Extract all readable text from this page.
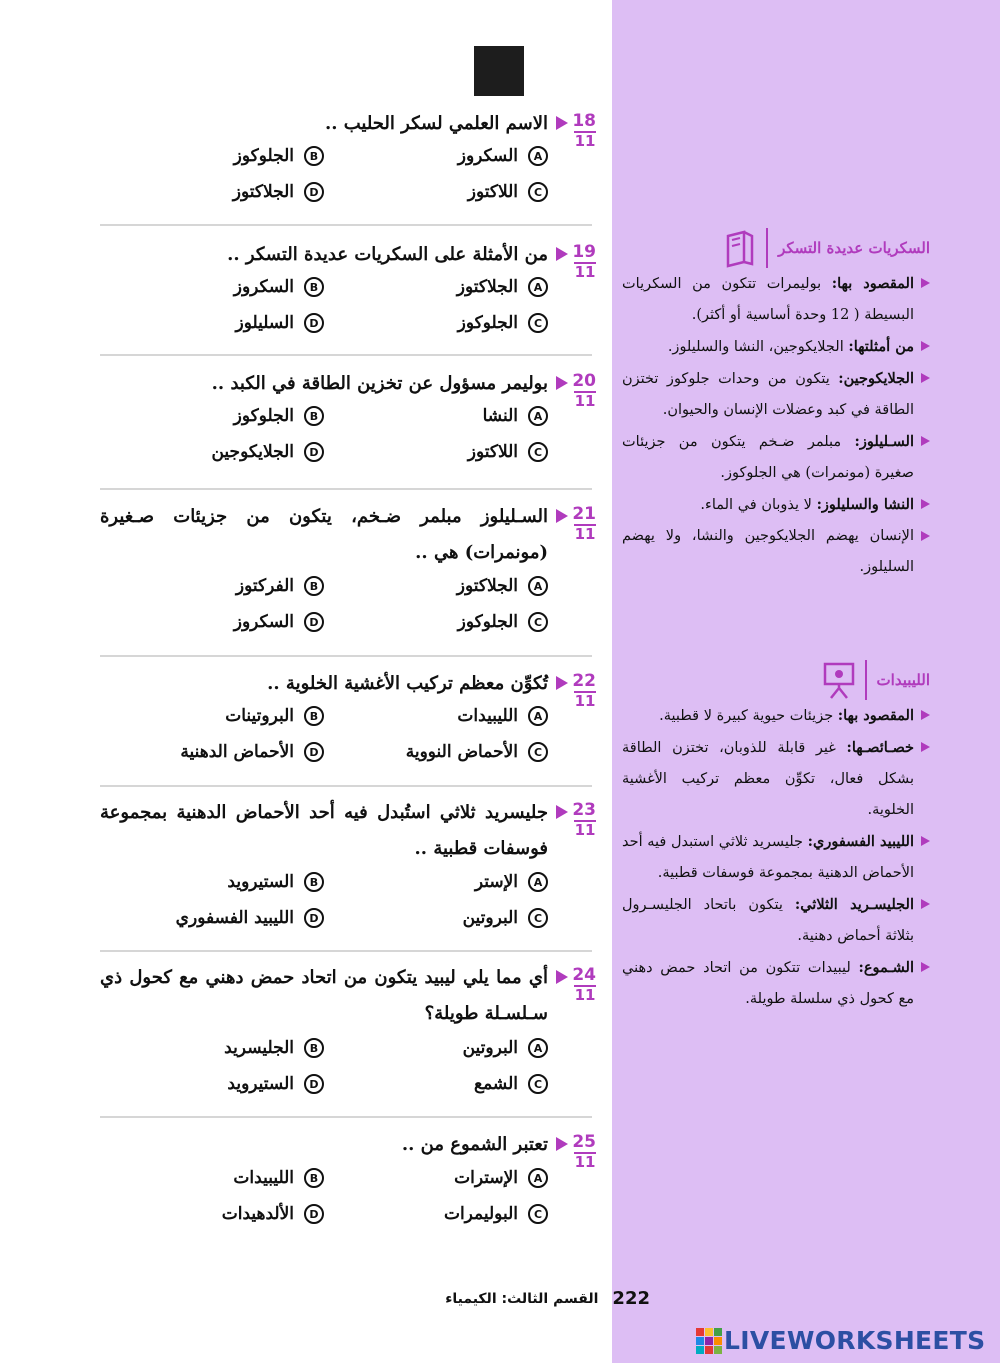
18
11
الاسم العلمي لسكر الحليب ..
A
السكروز
B
الجلوكوز
C
اللاكتوز
D
الجلاكتوز
19
11
من الأمثلة على السكريات عديدة التسكر ..
A
الجلاكتوز
B
السكروز
C
الجلوكوز
D
السليلوز
20
11
بوليمر مسؤول عن تخزين الطاقة في الكبد ..
A
النشا
B
الجلوكوز
C
اللاكتوز
D
الجلايكوجين
21
11
السـليلوز مبلمر ضـخم، يتكون من جزيئات صـغيرة (مونمرات) هي ..
A
الجلاكتوز
B
الفركتوز
C
الجلوكوز
D
السكروز
22
11
تُكوِّن معظم تركيب الأغشية الخلوية ..
A
الليبيدات
B
البروتينات
C
الأحماض النووية
D
الأحماض الدهنية
23
11
جليسريد ثلاثي استُبدل فيه أحد الأحماض الدهنية بمجموعة فوسفات قطبية ..
A
الإستر
B
الستيرويد
C
البروتين
D
الليبيد الفسفوري
24
11
أي مما يلي ليبيد يتكون من اتحاد حمض دهني مع كحول ذي سـلسـلة طويلة؟
A
البروتين
B
الجليسريد
C
الشمع
D
الستيرويد
25
11
تعتبر الشموع من ..
A
الإسترات
B
الليبيدات
C
البوليمرات
D
الألدهيدات
السكريات عديدة التسكر
المقصود بها: بوليمرات تتكون من السكريات البسيطة ( 12 وحدة أساسية أو أكثر).
من أمثلتها: الجلايكوجين، النشا والسليلوز.
الجلايكوجين: يتكون من وحدات جلوكوز تختزن الطاقة في كبد وعضلات الإنسان والحيوان.
السـليلوز: مبلمر ضـخم يتكون من جزيئات صغيرة (مونمرات) هي الجلوكوز.
النشا والسليلوز: لا يذوبان في الماء.
الإنسان يهضم الجلايكوجين والنشا، ولا يهضم السليلوز.
الليبيدات
المقصود بها: جزيئات حيوية كبيرة لا قطبية.
خصـائصـها: غير قابلة للذوبان، تختزن الطاقة بشكل فعال، تكوِّن معظم تركيب الأغشية الخلوية.
الليبيد الفسفوري: جليسريد ثلاثي استبدل فيه أحد الأحماض الدهنية بمجموعة فوسفات قطبية.
الجليسـريد الثلاثي: يتكون باتحاد الجليسـرول بثلاثة أحماض دهنية.
الشـموع: ليبيدات تتكون من اتحاد حمض دهني مع كحول ذي سلسلة طويلة.
222
القسم الثالث: الكيمياء
LIVEWORKSHEETS
